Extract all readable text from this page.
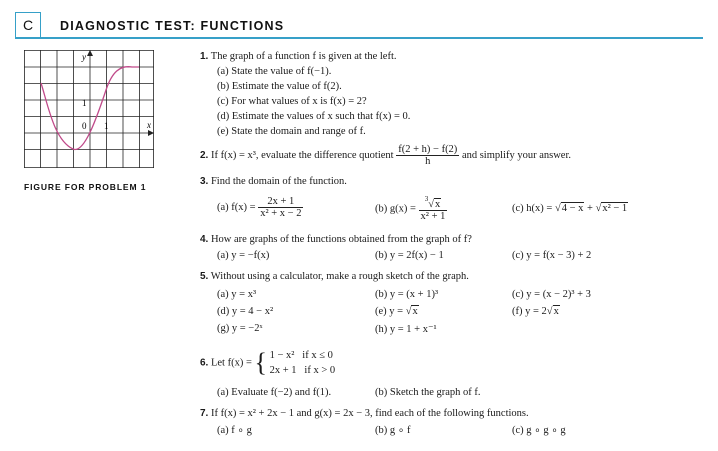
C DIAGNOSTIC TEST: FUNCTIONS
y
1
0 1	x
FIGURE FOR PROBLEM 1
1. The graph of a function f is given at the left.
(a) State the value of f(−1).
(b) Estimate the value of f(2).
(c) For what values of x is f(x) = 2?
(d) Estimate the values of x such that f(x) = 0.
(e) State the domain and range of f.
2. If f(x) = x³, evaluate the difference quotient $\frac{f(2 + h) - f(2)}{h}$ and simplify your answer.
3. Find the domain of the function.
(a) $f(x) = \frac{2x + 1}{\text{x² + x − 2}}$	(b) $g(x) = \frac{^3√x}{\text{x² + 1}}$	(c) h(x) = √4 − x + √x² − 1
4. How are graphs of the functions obtained from the graph of f?
(a) y = −f(x)	(b) y = 2f(x) − 1	(c) y = f(x − 3) + 2
5. Without using a calculator, make a rough sketch of the graph.
(a) y = x³	(b) y = (x + 1)³	(c) y = (x − 2)³ + 3
(d) y = 4 − x²	(e) y = √x	(f) y = 2√x
(g) y = −2ˣ	(h) y = 1 + x⁻¹
6. Let f(x) = { 1 − x²   if x ≤ 0
2x + 1   if x > 0
(a) Evaluate f(−2) and f(1).	(b) Sketch the graph of f.
7. If f(x) = x² + 2x − 1 and g(x) = 2x − 3, find each of the following functions.
(a) f ∘ g	(b) g ∘ f	(c) g ∘ g ∘ g
